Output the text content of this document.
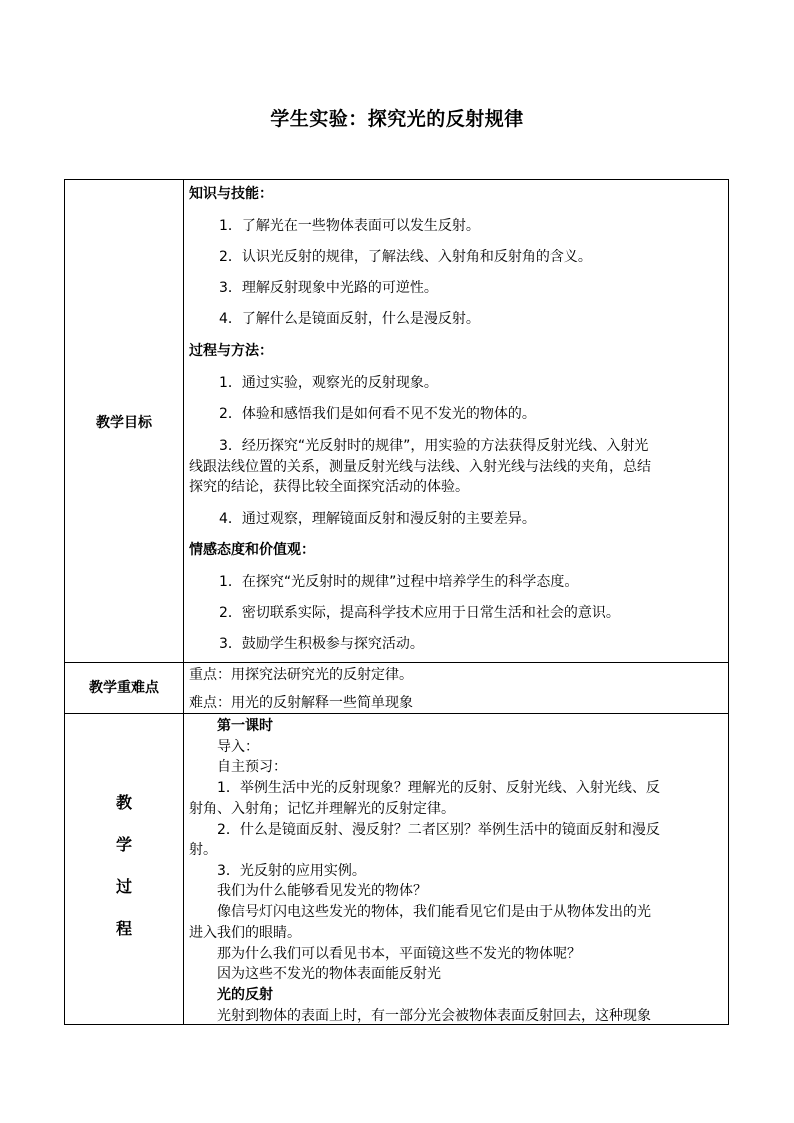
学生实验：探究光的反射规律
教学目标
教学重难点
教
学
过
程
知识与技能：
1．了解光在一些物体表面可以发生反射。
2．认识光反射的规律，了解法线、入射角和反射角的含义。
3．理解反射现象中光路的可逆性。
4．了解什么是镜面反射，什么是漫反射。
过程与方法：
1．通过实验，观察光的反射现象。
2．体验和感悟我们是如何看不见不发光的物体的。
3．经历探究“光反射时的规律”，用实验的方法获得反射光线、入射光
线跟法线位置的关系，测量反射光线与法线、入射光线与法线的夹角，总结
探究的结论，获得比较全面探究活动的体验。
4．通过观察，理解镜面反射和漫反射的主要差异。
情感态度和价值观：
1．在探究“光反射时的规律”过程中培养学生的科学态度。
2．密切联系实际，提高科学技术应用于日常生活和社会的意识。
3．鼓励学生积极参与探究活动。
重点：用探究法研究光的反射定律。
难点：用光的反射解释一些简单现象
第一课时
导入：
自主预习：
1．举例生活中光的反射现象？理解光的反射、反射光线、入射光线、反
射角、入射角；记忆并理解光的反射定律。
2．什么是镜面反射、漫反射？二者区别？举例生活中的镜面反射和漫反
射。
3．光反射的应用实例。
我们为什么能够看见发光的物体？
像信号灯闪电这些发光的物体，我们能看见它们是由于从物体发出的光
进入我们的眼睛。
那为什么我们可以看见书本，平面镜这些不发光的物体呢？
因为这些不发光的物体表面能反射光
光的反射
光射到物体的表面上时，有一部分光会被物体表面反射回去，这种现象
